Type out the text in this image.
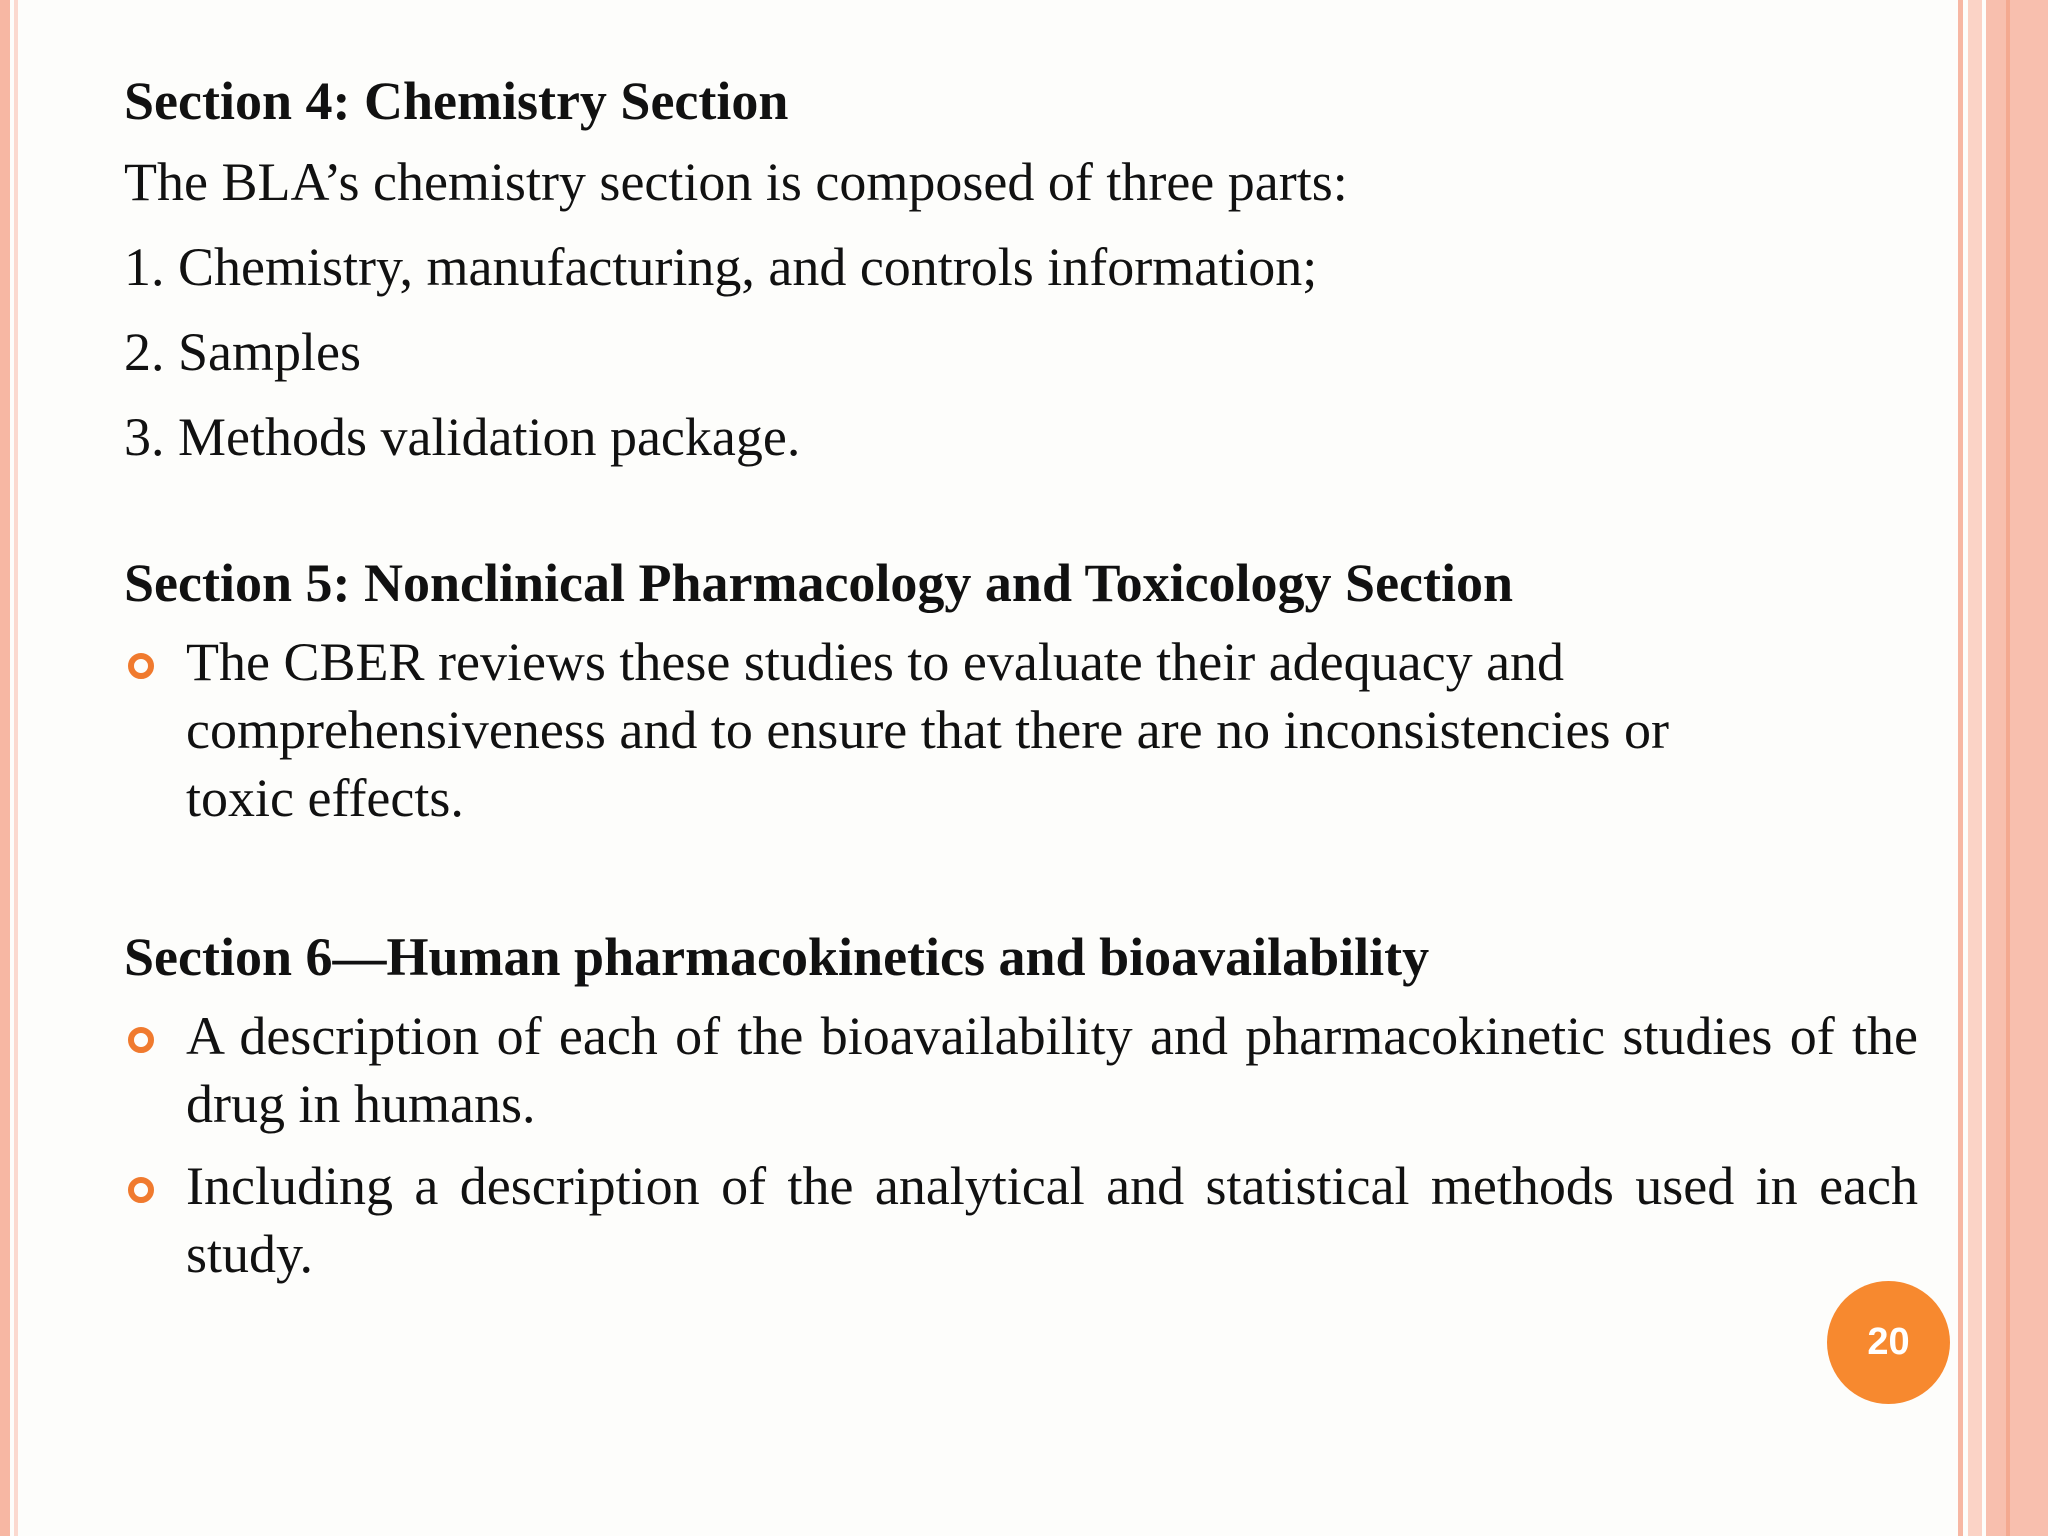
Section 4: Chemistry Section

The BLA’s chemistry section is composed of three parts:

1. Chemistry, manufacturing, and controls information;

2. Samples

3. Methods validation package.

Section 5: Nonclinical Pharmacology and Toxicology Section

The CBER reviews these studies to evaluate their adequacy and comprehensiveness and to ensure that there are no inconsistencies or toxic effects.

Section 6—Human pharmacokinetics and bioavailability

A description of each of the bioavailability and pharmacokinetic studies of the drug in humans.
Including a description of the analytical and statistical methods used in each study.
20
